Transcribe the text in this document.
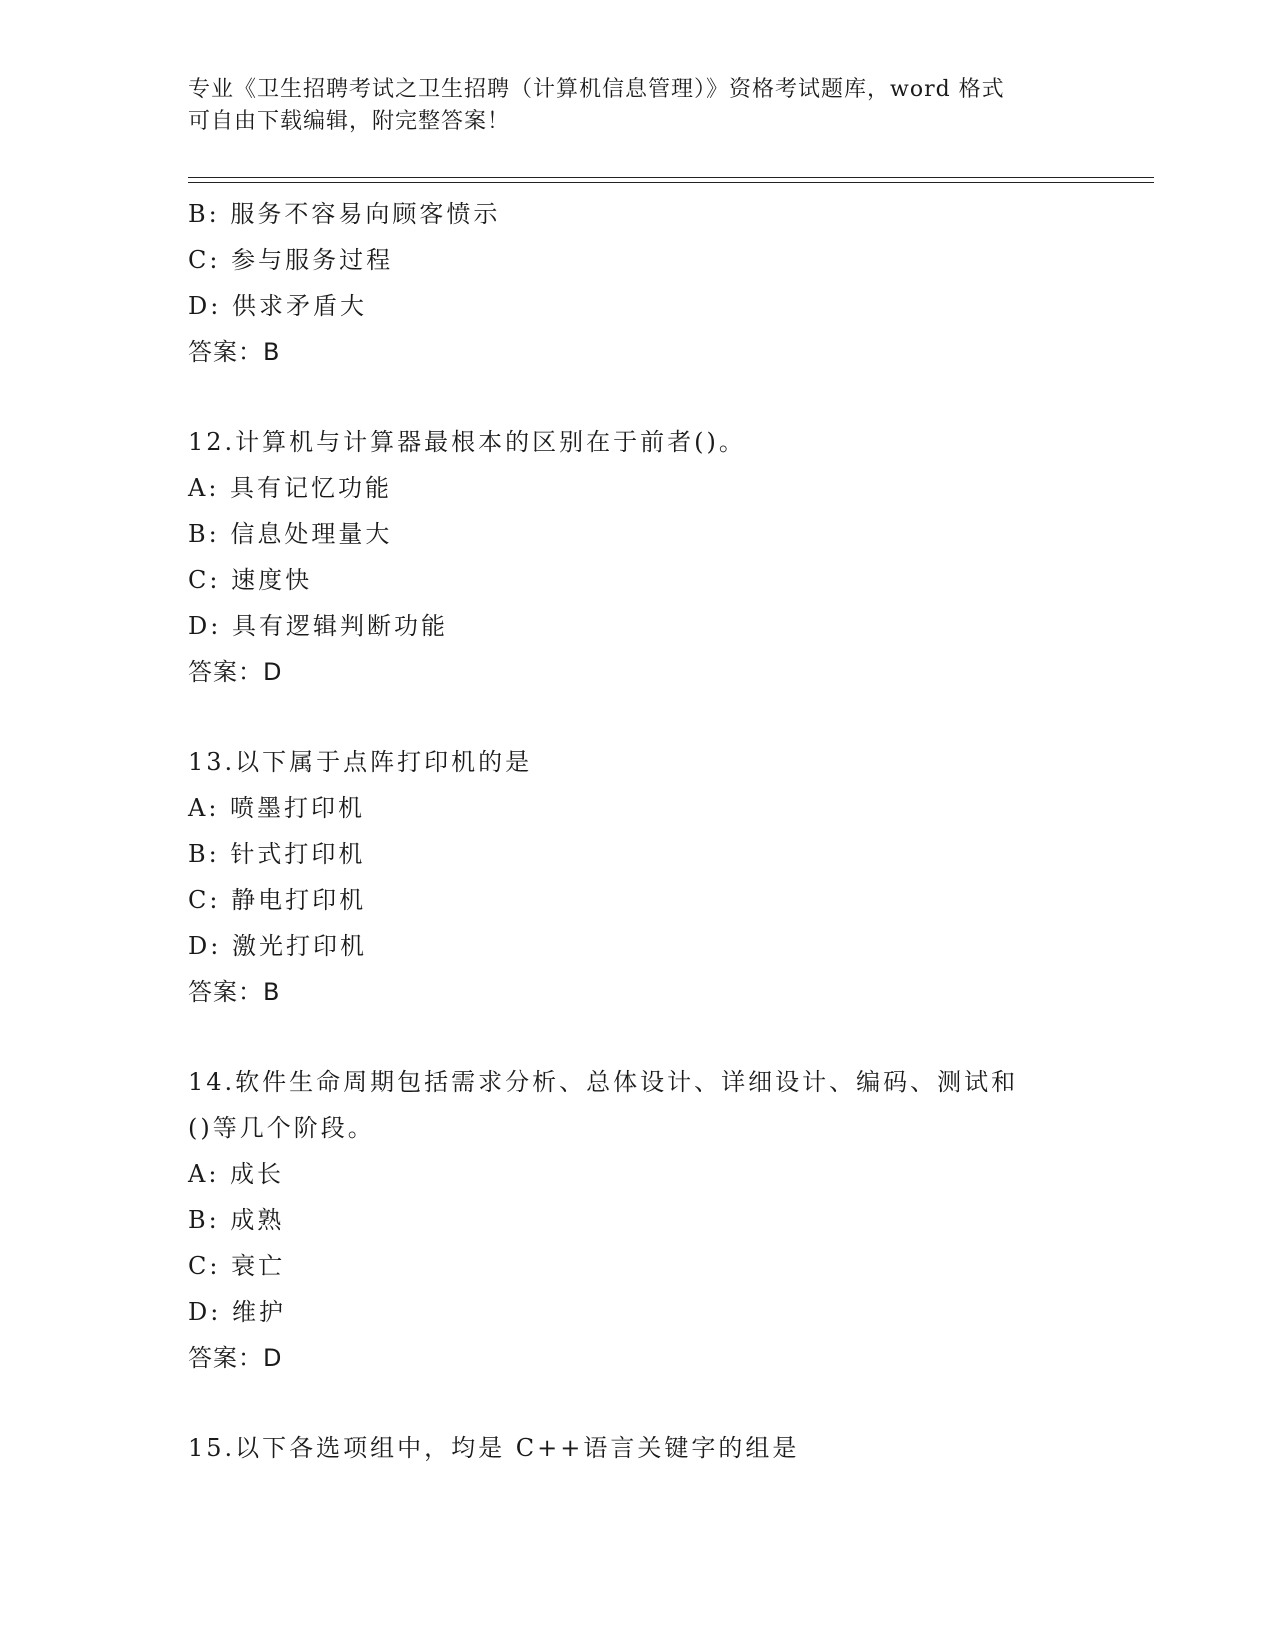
专业《卫生招聘考试之卫生招聘（计算机信息管理）》资格考试题库，word 格式
可自由下载编辑，附完整答案！
B: 服务不容易向顾客愤示
C: 参与服务过程
D: 供求矛盾大
答案：B
12.计算机与计算器最根本的区别在于前者()。
A: 具有记忆功能
B: 信息处理量大
C: 速度快
D: 具有逻辑判断功能
答案：D
13.以下属于点阵打印机的是
A: 喷墨打印机
B: 针式打印机
C: 静电打印机
D: 激光打印机
答案：B
14.软件生命周期包括需求分析、总体设计、详细设计、编码、测试和
()等几个阶段。
A: 成长
B: 成熟
C: 衰亡
D: 维护
答案：D
15.以下各选项组中，均是 C++语言关键字的组是
